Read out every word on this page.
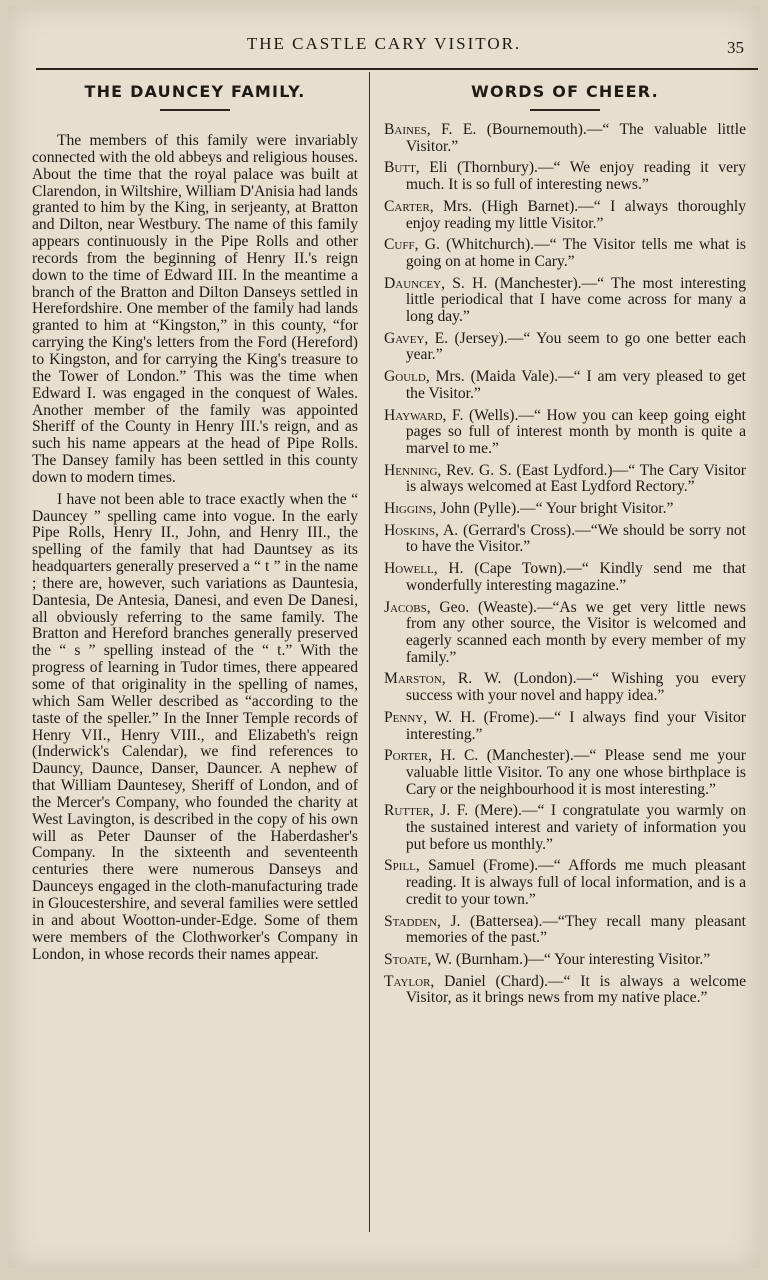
THE CASTLE CARY VISITOR.	35
THE DAUNCEY FAMILY.

The members of this family were invariably connected with the old abbeys and religious houses. About the time that the royal palace was built at Clarendon, in Wiltshire, William D'Anisia had lands granted to him by the King, in serjeanty, at Bratton and Dilton, near Westbury. The name of this family appears continuously in the Pipe Rolls and other records from the beginning of Henry II.'s reign down to the time of Edward III. In the meantime a branch of the Bratton and Dilton Danseys settled in Herefordshire. One member of the family had lands granted to him at “Kingston,” in this county, “for carrying the King's letters from the Ford (Hereford) to Kingston, and for carrying the King's treasure to the Tower of London.” This was the time when Edward I. was engaged in the conquest of Wales. Another member of the family was appointed Sheriff of the County in Henry III.'s reign, and as such his name appears at the head of Pipe Rolls. The Dansey family has been settled in this county down to modern times.

I have not been able to trace exactly when the “ Dauncey ” spelling came into vogue. In the early Pipe Rolls, Henry II., John, and Henry III., the spelling of the family that had Dauntsey as its headquarters generally preserved a “ t ” in the name ; there are, however, such variations as Dauntesia, Dantesia, De Antesia, Danesi, and even De Danesi, all obviously referring to the same family. The Bratton and Hereford branches generally preserved the “ s ” spelling instead of the “ t.” With the progress of learning in Tudor times, there appeared some of that originality in the spelling of names, which Sam Weller described as “according to the taste of the speller.” In the Inner Temple records of Henry VII., Henry VIII., and Elizabeth's reign (Inderwick's Calendar), we find references to Dauncy, Daunce, Danser, Dauncer. A nephew of that William Dauntesey, Sheriff of London, and of the Mercer's Company, who founded the charity at West Lavington, is described in the copy of his own will as Peter Daunser of the Haberdasher's Company. In the sixteenth and seventeenth centuries there were numerous Danseys and Daunceys engaged in the cloth-manufacturing trade in Gloucestershire, and several families were settled in and about Wootton-under-Edge. Some of them were members of the Clothworker's Company in London, in whose records their names appear.

WORDS OF CHEER.

Baines, F. E. (Bournemouth).—“ The valuable little Visitor.”

Butt, Eli (Thornbury).—“ We enjoy reading it very much. It is so full of interesting news.”

Carter, Mrs. (High Barnet).—“ I always thoroughly enjoy reading my little Visitor.”

Cuff, G. (Whitchurch).—“ The Visitor tells me what is going on at home in Cary.”

Dauncey, S. H. (Manchester).—“ The most interesting little periodical that I have come across for many a long day.”

Gavey, E. (Jersey).—“ You seem to go one better each year.”

Gould, Mrs. (Maida Vale).—“ I am very pleased to get the Visitor.”

Hayward, F. (Wells).—“ How you can keep going eight pages so full of interest month by month is quite a marvel to me.”

Henning, Rev. G. S. (East Lydford.)—“ The Cary Visitor is always welcomed at East Lydford Rectory.”

Higgins, John (Pylle).—“ Your bright Visitor.”

Hoskins, A. (Gerrard's Cross).—“We should be sorry not to have the Visitor.”

Howell, H. (Cape Town).—“ Kindly send me that wonderfully interesting magazine.”

Jacobs, Geo. (Weaste).—“As we get very little news from any other source, the Visitor is welcomed and eagerly scanned each month by every member of my family.”

Marston, R. W. (London).—“ Wishing you every success with your novel and happy idea.”

Penny, W. H. (Frome).—“ I always find your Visitor interesting.”

Porter, H. C. (Manchester).—“ Please send me your valuable little Visitor. To any one whose birthplace is Cary or the neighbourhood it is most interesting.”

Rutter, J. F. (Mere).—“ I congratulate you warmly on the sustained interest and variety of information you put before us monthly.”

Spill, Samuel (Frome).—“ Affords me much pleasant reading. It is always full of local information, and is a credit to your town.”

Stadden, J. (Battersea).—“They recall many pleasant memories of the past.”

Stoate, W. (Burnham.)—“ Your interesting Visitor.”

Taylor, Daniel (Chard).—“ It is always a welcome Visitor, as it brings news from my native place.”
